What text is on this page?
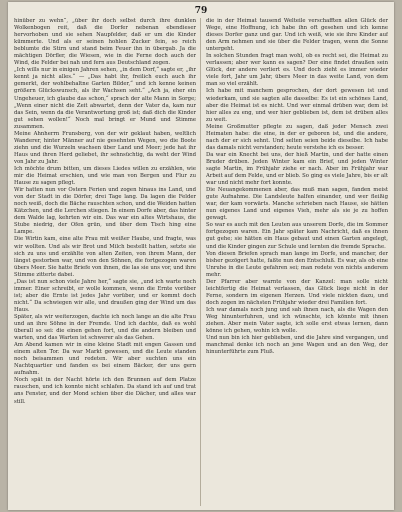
79

hinüber zu wehn“, „über ihr doch selbst durch ihre dunklen Wolkenbogen reit, daß die Dorfer nebenan ebendieser hervorhoben und sie sehen Naupfelder, daß er um die Kinder kümmerte. Und als er seinen hohlen Zucker fein, so reich beblumte die Stirn und stand beim Feuer ihn in übergab. Ja die mächtigen Dörfler, die Wiesen, wie in die Ferne doch auch der Wind, die Felder bei nah und fern aus Deutschland zogen.

„Ich wills nur in einigen Jahren sehen, „in dem Dorf,“ sagte er, „ihr kennt ja nicht alles.“ — „Das habt ihr, freilich euch auch ihr gemerkt, der wohlbehaltne Garten Bilder,“ und ich kenne keinen größern Glückswunsch, als ihr Wachsen seht.“ „Ach ja, eher ein Ungeheuer, ich glaube das schon,“ sprach der alte Mann in Sorge; „Wenn einer nicht die Zeit abwartet, denn der Vater da, kam nur das Sein, wenn da die Verantwortung groß ist; daß dich die Kinder gut sehen wollen!“ Noch mal bringt er Mund und Stimme zusammen.

Meine Ahnherrn Frunsberg, von der wir geklaut haben, weltlich Wanderer, hinter Männer auf nie gesehnten Wegen, wo die Boote ziehn und die Wurzeln wachsen über Land und Meer; jede hat ihr Haus und ihren Herd geliebet, ihr sehnsüchtig, da weht der Wind von Jahr zu Jahr.

Ich möchte drum bitten, um dieses Liedes willen zu erzählen, wie mir die Heimat erschien, und wie man von Bergen und Flur zu Hause zu sagen pflegt.

Wir hatten nun vor Ostern Ferien und zogen hinaus ins Land, und von der Stadt in die Dörfer, drei Tage lang. Da lagen die Felder noch weiß, doch die Bäche rauschten schon, und die Weiden hatten Kätzchen, und die Lerchen stiegen. In einem Dorfe aber, das hinter dem Walde lag, kehrten wir ein. Das war ein altes Wirtshaus, die Stube niedrig, der Ofen grün, und über dem Tisch hing eine Lampe.

Die Wirtin kam, eine alte Frau mit weißer Haube, und fragte, was wir wollten. Und als wir Brot und Milch bestellt hatten, setzte sie sich zu uns und erzählte von alten Zeiten, von ihrem Mann, der längst gestorben war, und von den Söhnen, die fortgezogen waren übers Meer. Sie hatte Briefe von ihnen, die las sie uns vor, und ihre Stimme zitterte dabei.

„Das ist nun schon viele Jahre her,“ sagte sie, „und ich warte noch immer. Einer schreibt, er wolle kommen, wenn die Ernte vorüber ist; aber die Ernte ist jedes Jahr vorüber, und er kommt doch nicht.“ Da schwiegen wir alle, und draußen ging der Wind um das Haus.

Später, als wir weiterzogen, dachte ich noch lange an die alte Frau und an ihre Söhne in der Fremde. Und ich dachte, daß es wohl überall so sei: die einen gehen fort, und die andern bleiben und warten, und das Warten ist schwerer als das Gehen.

Am Abend kamen wir in eine kleine Stadt mit engen Gassen und einem alten Tor. Da war Markt gewesen, und die Leute standen noch beisammen und redeten. Wir aber suchten uns ein Nachtquartier und fanden es bei einem Bäcker, der uns gern aufnahm.

Noch spät in der Nacht hörte ich den Brunnen auf dem Platze rauschen, und ich konnte nicht schlafen. Da stand ich auf und trat ans Fenster, und der Mond schien über die Dächer, und alles war still.

die in der Heimat tausend Welteile verschafften allen Glück der Wege, eine Hoffnung, ich habe ihn oft gesehen und ich kenne dieses Dorfer ganz und gar. Und ich weiß, wie sie ihre Kinder auf den Arm nehmen und sie über die Felder tragen, wenn die Sonne untergeht.

In solchen Stunden fragt man wohl, ob es recht sei, die Heimat zu verlassen; aber wer kann es sagen? Der eine findet draußen sein Glück, der andere verliert es. Und doch zieht es immer wieder viele fort, Jahr um Jahr, übers Meer in das weite Land, von dem man so viel erzählt.

Ich habe mit manchem gesprochen, der dort gewesen ist und wiederkam, und sie sagten alle dasselbe: Es ist ein schönes Land, aber die Heimat ist es nicht. Und wer einmal drüben war, dem ist hier alles zu eng, und wer hier geblieben ist, dem ist drüben alles zu weit.

Meine Großmutter pflegte zu sagen, daß jeder Mensch zwei Heimaten habe: die eine, in der er geboren ist, und die andere, nach der er sich sehnt. Und selten seien beide dieselbe. Ich habe das damals nicht verstanden; heute verstehe ich es besser.

Da war ein Knecht bei uns, der hieß Martin, und der hatte einen Bruder drüben. Jeden Winter kam ein Brief, und jeden Winter sagte Martin, im Frühjahr ziehe er nach. Aber im Frühjahr war Arbeit auf dem Felde, und er blieb. So ging es viele Jahre, bis er alt war und nicht mehr fort konnte.

Die Neuangekommenen aber, das muß man sagen, fanden meist gute Aufnahme. Die Landsleute halfen einander, und wer fleißig war, der kam vorwärts. Manche schrieben nach Hause, sie hätten nun eigenes Land und eigenes Vieh, mehr als sie je zu hoffen gewagt.

So war es auch mit den Leuten aus unserem Dorfe, die im Sommer fortgezogen waren. Ein Jahr später kam Nachricht, daß es ihnen gut gehe; sie hätten ein Haus gebaut und einen Garten angelegt, und die Kinder gingen zur Schule und lernten die fremde Sprache.

Von diesen Briefen sprach man lange im Dorfe, und mancher, der bisher gezögert hatte, faßte nun den Entschluß. Es war, als ob eine Unruhe in die Leute gefahren sei; man redete von nichts anderem mehr.

Der Pfarrer aber warnte von der Kanzel: man solle nicht leichtfertig die Heimat verlassen, das Glück liege nicht in der Ferne, sondern im eigenen Herzen. Und viele nickten dazu, und doch zogen im nächsten Frühjahr wieder drei Familien fort.

Ich war damals noch jung und sah ihnen nach, als die Wagen den Weg hinunterfuhren, und ich wünschte, ich könnte mit ihnen ziehen. Aber mein Vater sagte, ich solle erst etwas lernen, dann könne ich gehen, wohin ich wolle.

Und nun bin ich hier geblieben, und die Jahre sind vergangen, und manchmal denke ich noch an jene Wagen und an den Weg, der hinunterführte zum Fluß.
